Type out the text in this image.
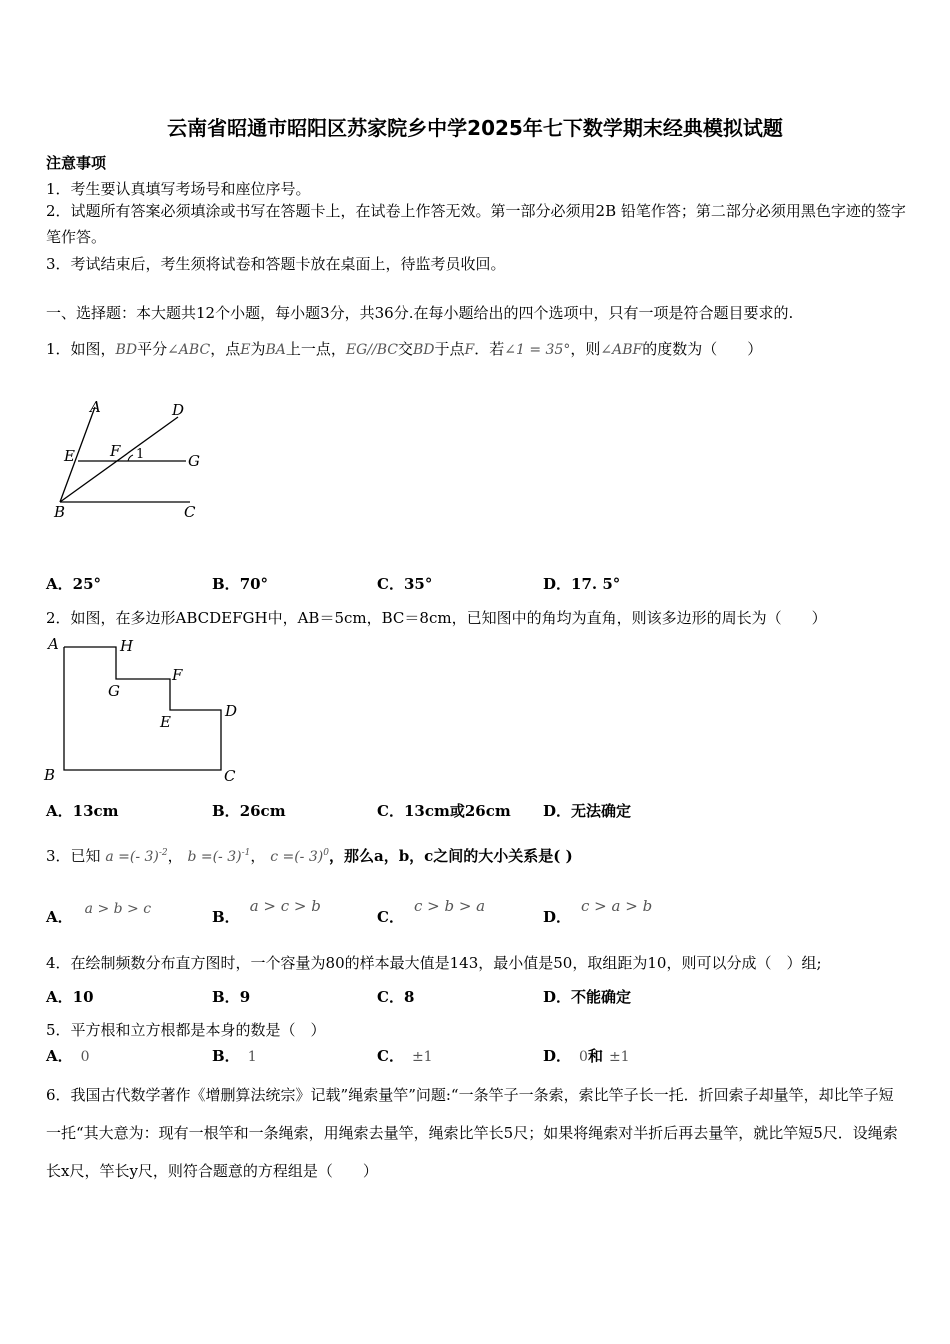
云南省昭通市昭阳区苏家院乡中学2025年七下数学期末经典模拟试题
注意事项
1．考生要认真填写考场号和座位序号。
2．试题所有答案必须填涂或书写在答题卡上，在试卷上作答无效。第一部分必须用2B 铅笔作答；第二部分必须用黑色字迹的签字笔作答。
3．考试结束后，考生须将试卷和答题卡放在桌面上，待监考员收回。
一、选择题：本大题共12个小题，每小题3分，共36分.在每小题给出的四个选项中，只有一项是符合题目要求的.
1．如图，BD平分∠ABC，点E为BA上一点，EG//BC交BD于点F．若∠1 = 35°，则∠ABF的度数为（　　）
A	D
E F 1	G
B	C
A．25°	B．70°	C．35°	D．17. 5°
2．如图，在多边形ABCDEFGH中，AB＝5cm，BC＝8cm，已知图中的角均为直角，则该多边形的周长为（　　）
A	H
G
F
E
D
B	C
A．13cm	B．26cm	C．13cm或26cm D．无法确定
3．已知 a =(- 3)$^{-2}$， b =(- 3)$^{-1}$， c =(- 3)$^0$，那么a，b，c之间的大小关系是( )
A． a > b > c	B．a > c > b
C．c > b > a
D．c > a > b
4．在绘制频数分布直方图时，一个容量为80的样本最大值是143，最小值是50，取组距为10，则可以分成（　）组;
A．10	B．9	C．8	D．不能确定
5．平方根和立方根都是本身的数是（　）
A． 0	B． 1	C． ±1	D． 0和 ±1
6．我国古代数学著作《增删算法统宗》记载”绳索量竿”问题:“一条竿子一条索，索比竿子长一托．折回索子却量竿，却比竿子短一托“其大意为：现有一根竿和一条绳索，用绳索去量竿，绳索比竿长5尺；如果将绳索对半折后再去量竿，就比竿短5尺．设绳索长x尺，竿长y尺，则符合题意的方程组是（　　）
